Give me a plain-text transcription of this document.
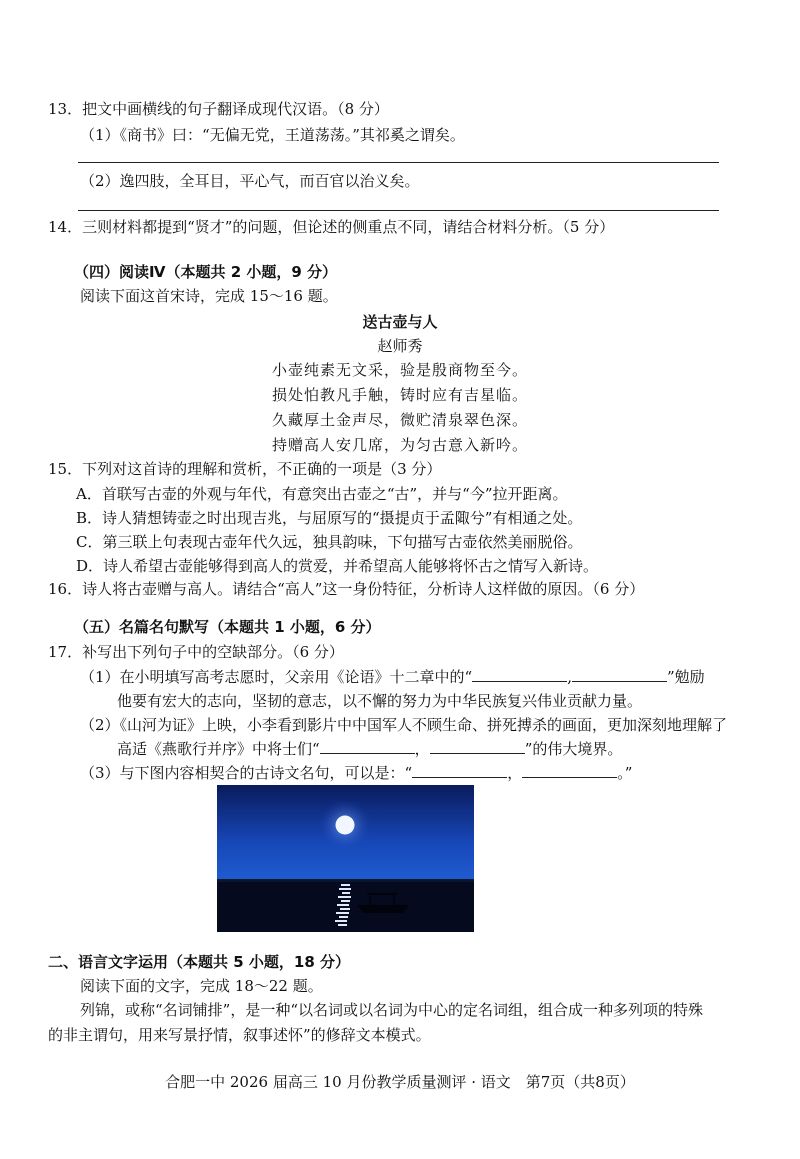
13．把文中画横线的句子翻译成现代汉语。（8 分）
（1）《商书》曰：“无偏无党，王道荡荡。”其祁奚之谓矣。
（2）逸四肢，全耳目，平心气，而百官以治义矣。
14．三则材料都提到“贤才”的问题，但论述的侧重点不同，请结合材料分析。（5 分）
（四）阅读Ⅳ（本题共 2 小题，9 分）
阅读下面这首宋诗，完成 15～16 题。
送古壶与人
赵师秀
小壶纯素无文采，验是殷商物至今。
损处怕教凡手触，铸时应有吉星临。
久藏厚土金声尽，微贮清泉翠色深。
持赠高人安几席，为匀古意入新吟。
15．下列对这首诗的理解和赏析，不正确的一项是（3 分）
A．首联写古壶的外观与年代，有意突出古壶之“古”，并与“今”拉开距离。
B．诗人猜想铸壶之时出现吉兆，与屈原写的“摄提贞于孟陬兮”有相通之处。
C．第三联上句表现古壶年代久远，独具韵味，下句描写古壶依然美丽脱俗。
D．诗人希望古壶能够得到高人的赏爱，并希望高人能够将怀古之情写入新诗。
16．诗人将古壶赠与高人。请结合“高人”这一身份特征，分析诗人这样做的原因。（6 分）
（五）名篇名句默写（本题共 1 小题，6 分）
17．补写出下列句子中的空缺部分。（6 分）
（1）在小明填写高考志愿时，父亲用《论语》十二章中的“	,	”勉励
他要有宏大的志向，坚韧的意志，以不懈的努力为中华民族复兴伟业贡献力量。
（2）《山河为证》上映，小李看到影片中中国军人不顾生命、拼死搏杀的画面，更加深刻地理解了
高适《燕歌行并序》中将士们“	，	”的伟大境界。
（3）与下图内容相契合的古诗文名句，可以是：“	，	。”
二、语言文字运用（本题共 5 小题，18 分）
阅读下面的文字，完成 18～22 题。
列锦，或称“名词铺排”，是一种“以名词或以名词为中心的定名词组，组合成一种多列项的特殊
的非主谓句，用来写景抒情，叙事述怀”的修辞文本模式。
合肥一中 2026 届高三 10 月份教学质量测评 · 语文　第7页（共8页）
